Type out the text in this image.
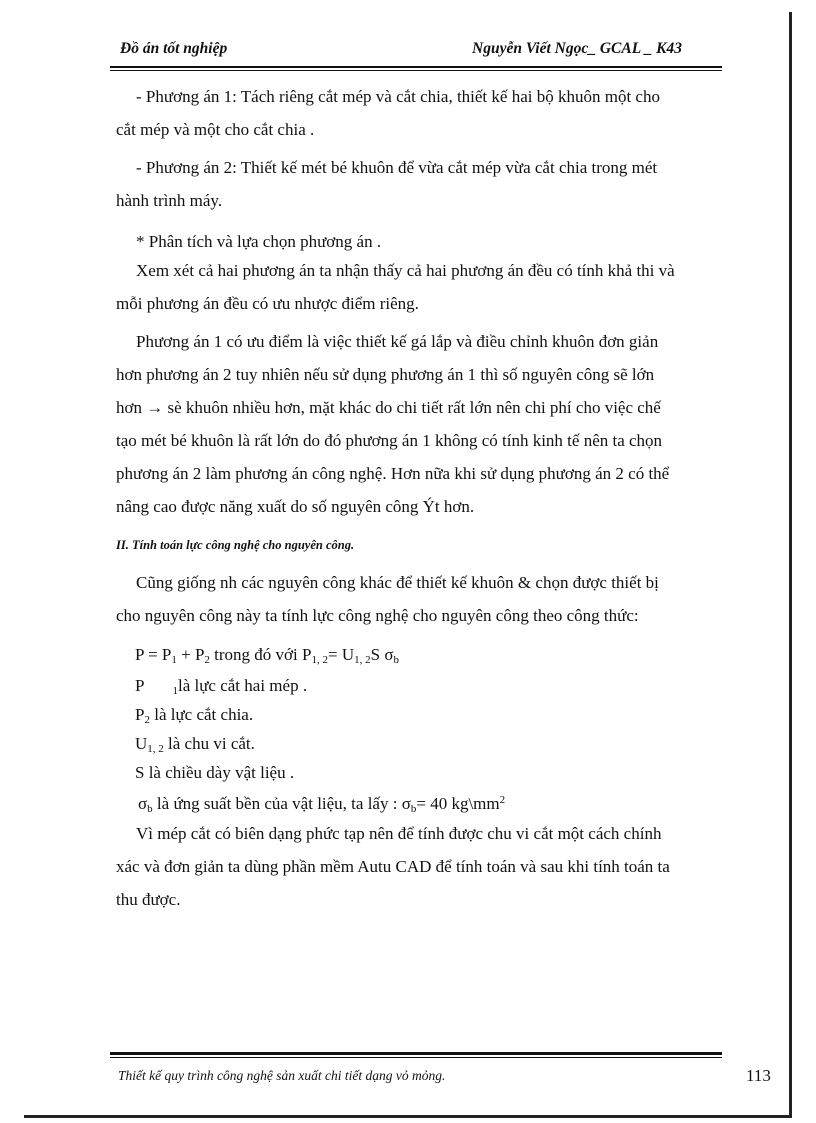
Đồ án tốt nghiệp	Nguyễn Viết Ngọc_ GCAL _ K43
- Phương án 1: Tách riêng cắt mép và cắt chia, thiết kế hai bộ khuôn một cho
cắt mép và một cho cắt chia .
- Phương án 2: Thiết kế mét bé khuôn để vừa cắt mép vừa cắt chia trong mét
hành trình máy.
* Phân tích và lựa chọn phương án .
Xem xét cả hai phương án ta nhận thấy cả hai phương án đều có tính khả thi và
mỗi phương án đều có ưu nhược điểm riêng.
Phương án 1 có ưu điểm là việc thiết kế gá lắp và điều chỉnh khuôn đơn giản
hơn phương án 2 tuy nhiên nếu sử dụng phương án 1 thì số nguyên công sẽ lớn
hơn → sè khuôn nhiều hơn, mặt khác do chi tiết rất lớn nên chi phí cho việc chế
tạo mét bé khuôn là rất lớn do đó phương án 1 không có tính kinh tế nên ta chọn
phương án 2 làm phương án công nghệ. Hơn nữa khi sử dụng phương án 2 có thể
nâng cao được năng xuất do số nguyên công Ýt hơn.
II. Tính toán lực công nghệ cho nguyên công.
Cũng giống nh các nguyên công khác để thiết kế khuôn & chọn được thiết bị
cho nguyên công này ta tính lực công nghệ cho nguyên công theo công thức:
$P = P_1 + P_2$ trong đó với $P_{1, 2}= U_{1, 2}S$ $\sigma_b$
P	$_1$là lực cắt hai mép .
$P_2$ là lực cắt chia.
$U_{1, 2}$ là chu vi cắt.
S là chiều dày vật liệu .
$\sigma_b$ là ứng suất bền của vật liệu, ta lấy : $\sigma_b= 40$ $kg\backslash mm^2$
Vì mép cắt có biên dạng phức tạp nên để tính được chu vi cắt một cách chính
xác và đơn giản ta dùng phần mềm Autu CAD để tính toán và sau khi tính toán ta
thu được.
Thiết kế quy trình công nghệ sản xuất chi tiết dạng vỏ mỏng.	113
